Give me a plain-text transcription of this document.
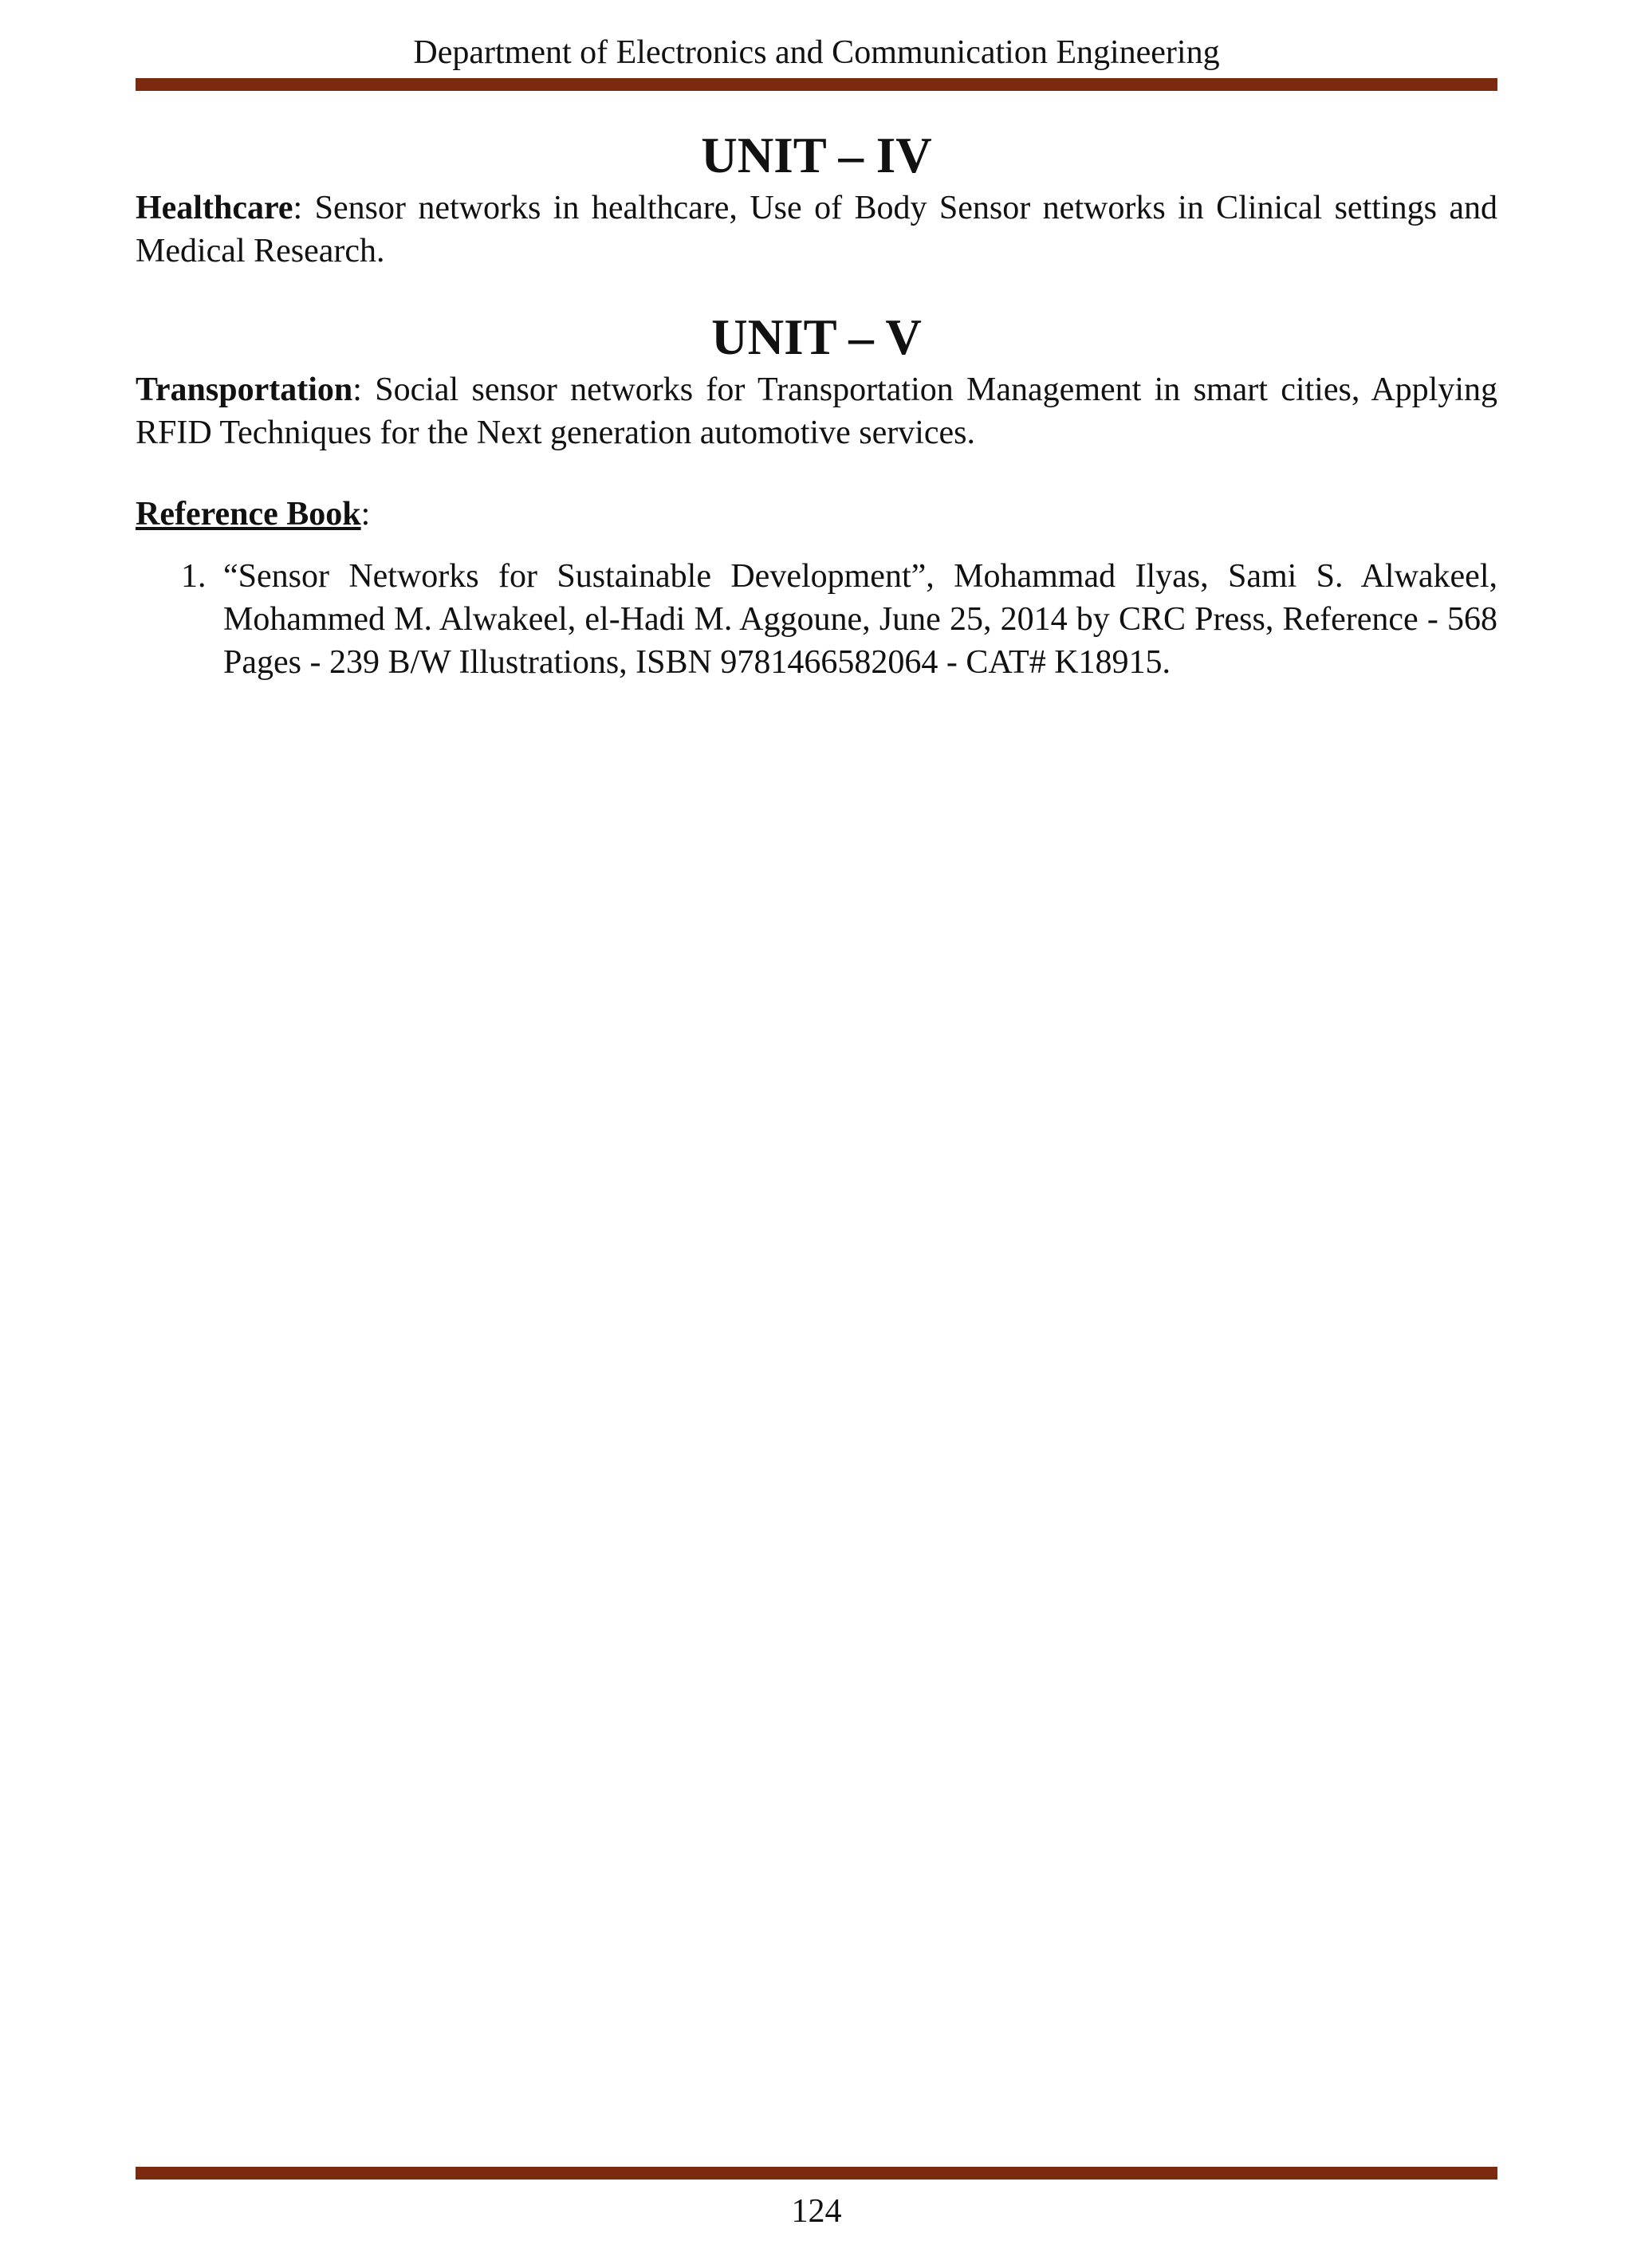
Department of Electronics and Communication Engineering
UNIT – IV

Healthcare: Sensor networks in healthcare, Use of Body Sensor networks in Clinical settings and Medical Research.

UNIT – V

Transportation: Social sensor networks for Transportation Management in smart cities, Applying RFID Techniques for the Next generation automotive services.

Reference Book:
1. “Sensor Networks for Sustainable Development”, Mohammad Ilyas, Sami S. Alwakeel, Mohammed M. Alwakeel, el-Hadi M. Aggoune, June 25, 2014 by CRC Press, Reference - 568 Pages - 239 B/W Illustrations, ISBN 9781466582064 - CAT# K18915.
124
